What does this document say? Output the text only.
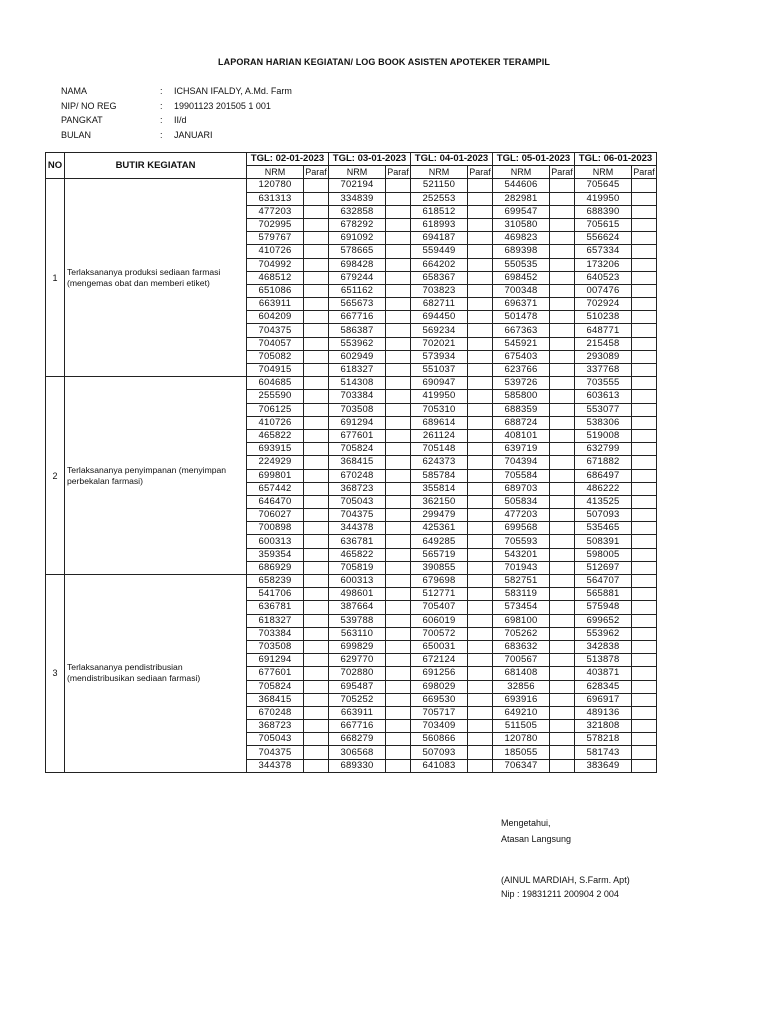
LAPORAN HARIAN KEGIATAN/ LOG BOOK ASISTEN APOTEKER TERAMPIL
NAMA	:	ICHSAN IFALDY, A.Md. Farm
NIP/ NO REG	:	19901123 201505 1 001
PANGKAT	:	II/d
BULAN	:	JANUARI
NO	BUTIR KEGIATAN	TGL: 02-01-2023		TGL: 03-01-2023		TGL: 04-01-2023		TGL: 05-01-2023		TGL: 06-01-2023	
		NRM	Paraf	NRM	Paraf	NRM	Paraf	NRM	Paraf	NRM	Paraf
1	Terlaksananya produksi sediaan farmasi (mengemas obat dan memberi etiket)	120780		702194		521150		544606		705645	
		631313		334839		252553		282981		419950	
		477203		632858		618512		699547		688390	
		702995		678292		618993		310580		705615	
		579767		691092		694187		469823		556624	
		410726		578665		559449		689398		657334	
		704992		698428		664202		550535		173206	
		468512		679244		658367		698452		640523	
		651086		651162		703823		700348		007476	
		663911		565673		682711		696371		702924	
		604209		667716		694450		501478		510238	
		704375		586387		569234		667363		648771	
		704057		553962		702021		545921		215458	
		705082		602949		573934		675403		293089	
		704915		618327		551037		623766		337768	
2	Terlaksananya penyimpanan (menyimpan perbekalan farmasi)	604685		514308		690947		539726		703555	
		255590		703384		419950		585800		603613	
		706125		703508		705310		688359		553077	
		410726		691294		689614		688724		538306	
		465822		677601		261124		408101		519008	
		693915		705824		705148		639719		632799	
		224929		368415		624373		704394		671882	
		699801		670248		585784		705584		686497	
		657442		368723		355814		689703		486222	
		646470		705043		362150		505834		413525	
		706027		704375		299479		477203		507093	
		700898		344378		425361		699568		535465	
		600313		636781		649285		705593		508391	
		359354		465822		565719		543201		598005	
		686929		705819		390855		701943		512697	
3	Terlaksananya pendistribusian (mendistribusikan sediaan farmasi)	658239		600313		679698		582751		564707	
		541706		498601		512771		583119		565881	
		636781		387664		705407		573454		575948	
		618327		539788		606019		698100		699652	
		703384		563110		700572		705262		553962	
		703508		699829		650031		683632		342838	
		691294		629770		672124		700567		513878	
		677601		702880		691256		681408		403871	
		705824		695487		698029		32856		628345	
		368415		705252		669530		693916		696917	
		670248		663911		705717		649210		489136	
		368723		667716		703409		511505		321808	
		705043		668279		560866		120780		578218	
		704375		306568		507093		185055		581743	
		344378		689330		641083		706347		383649	
Mengetahui,
Atasan Langsung
(AINUL MARDIAH, S.Farm. Apt)
Nip : 19831211 200904 2 004
